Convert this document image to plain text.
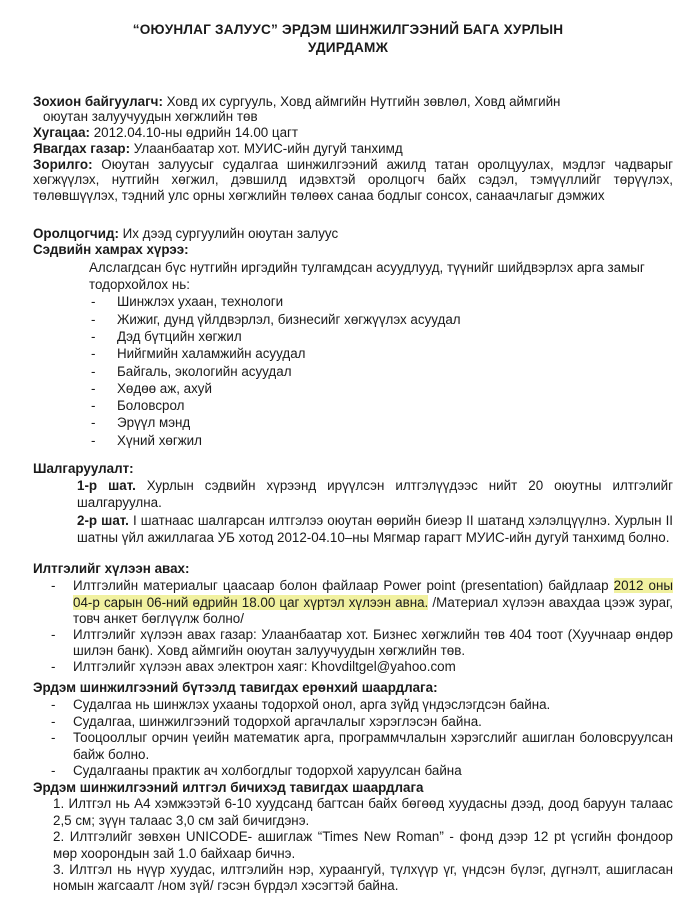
“ОЮУНЛАГ ЗАЛУУС” ЭРДЭМ ШИНЖИЛГЭЭНИЙ БАГА ХУРЛЫН
УДИРДАМЖ

Зохион байгуулагч: Ховд их сургууль, Ховд аймгийн Нутгийн зөвлөл, Ховд аймгийн

оюутан залуучуудын хөгжлийн төв

Хугацаа: 2012.04.10-ны өдрийн 14.00 цагт
Явагдах газар: Улаанбаатар хот. МУИС-ийн дугуй танхимд
Зорилго: Оюутан залуусыг судалгаа шинжилгээний ажилд татан оролцуулах, мэдлэг чадварыг хөгжүүлэх, нутгийн хөгжил, дэвшилд идэвхтэй оролцогч байх сэдэл, тэмүүллийг төрүүлэх, төлөвшүүлэх, тэдний улс орны хөгжлийн төлөөх санаа бодлыг сонсох, санаачлагыг дэмжих
Оролцогчид: Их дээд сургуулийн оюутан залуус

Сэдвийн хамрах хүрээ:

Алслагдсан бүс нутгийн иргэдийн тулгамдсан асуудлууд, түүнийг шийдвэрлэх арга замыг тодорхойлох нь:

- Шинжлэх ухаан, технологи
- Жижиг, дунд үйлдвэрлэл, бизнесийг хөгжүүлэх асуудал
- Дэд бүтцийн хөгжил
- Нийгмийн халамжийн асуудал
- Байгаль, экологийн асуудал
- Хөдөө аж, ахуй
- Боловсрол
- Эрүүл мэнд
- Хүний хөгжил

Шалгаруулалт:

1-р шат. Хурлын сэдвийн хүрээнд ирүүлсэн илтгэлүүдээс нийт 20 оюутны илтгэлийг шалгаруулна.

2-р шат. I шатнаас шалгарсан илтгэлээ оюутан өөрийн биеэр II шатанд хэлэлцүүлнэ. Хурлын II шатны үйл ажиллагаа УБ хотод 2012-04.10–ны Мягмар гарагт МУИС-ийн дугуй танхимд болно.

Илтгэлийг хүлээн авах:

- Илтгэлийн материалыг цаасаар болон файлаар Power point (presentation) байдлаар 2012 оны 04-р сарын 06-ний өдрийн 18.00 цаг хүртэл хүлээн авна. /Материал хүлээн авахдаа цээж зураг, товч анкет бөглүүлж болно/
- Илтгэлийг хүлээн авах газар: Улаанбаатар хот. Бизнес хөгжлийн төв 404 тоот (Хуучнаар өндөр шилэн банк). Ховд аймгийн оюутан залуучуудын хөгжлийн төв.
- Илтгэлийг хүлээн авах электрон хаяг: Khovdiltgel@yahoo.com

Эрдэм шинжилгээний бүтээлд тавигдах ерөнхий шаардлага:

- Судалгаа нь шинжлэх ухааны тодорхой онол, арга зүйд үндэслэгдсэн байна.
- Судалгаа, шинжилгээний тодорхой аргачлалыг хэрэглэсэн байна.
- Тооцооллыг орчин үеийн математик арга, программчлалын хэрэгслийг ашиглан боловсруулсан байж болно.
- Судалгааны практик ач холбогдлыг тодорхой харуулсан байна

Эрдэм шинжилгээний илтгэл бичихэд тавигдах шаардлага

1. Илтгэл нь А4 хэмжээтэй 6-10 хуудсанд багтсан байх бөгөөд хуудасны дээд, доод баруун талаас 2,5 см; зүүн талаас 3,0 см зай бичигдэнэ.

2. Илтгэлийг зөвхөн UNICODE- ашиглаж “Times New Roman” - фонд дээр 12 pt үсгийн фондоор мөр хоорондын зай 1.0 байхаар бичнэ.

3. Илтгэл нь нүүр хуудас, илтгэлийн нэр, хураангуй, түлхүүр үг, үндсэн бүлэг, дүгнэлт, ашигласан номын жагсаалт /ном зүй/ гэсэн бүрдэл хэсэгтэй байна.
